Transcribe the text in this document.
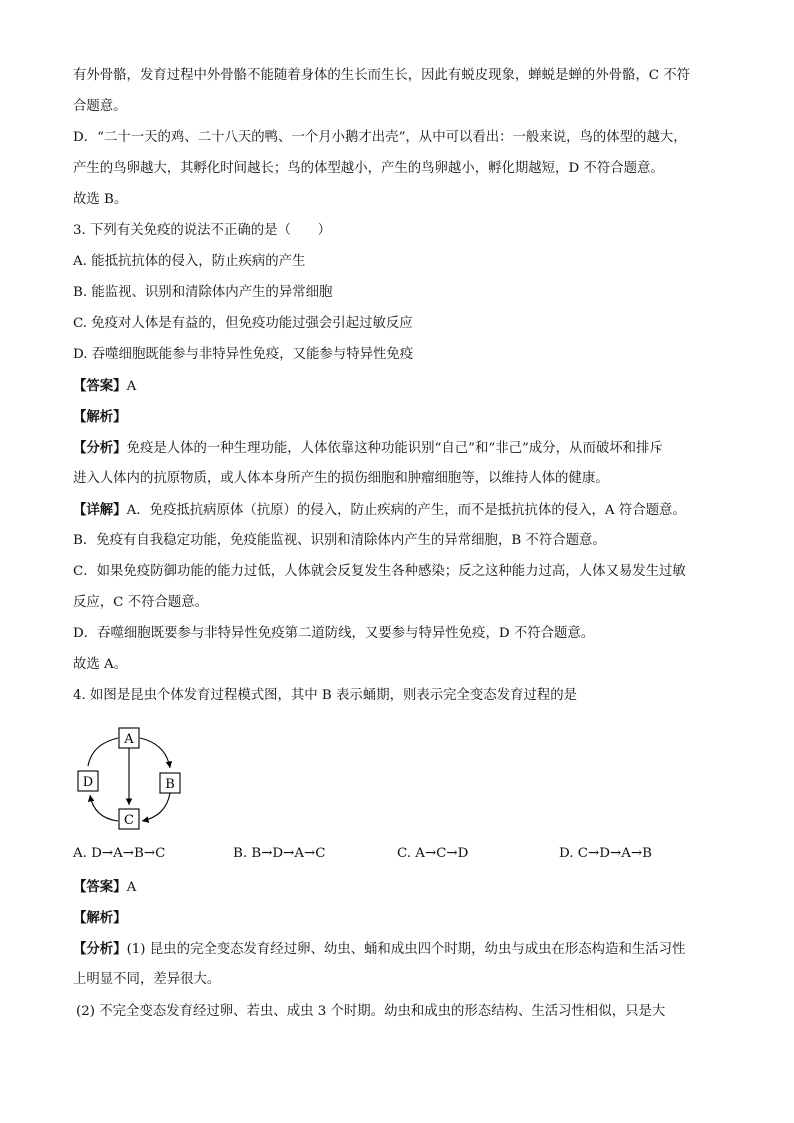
有外骨骼，发育过程中外骨骼不能随着身体的生长而生长，因此有蜕皮现象，蝉蜕是蝉的外骨骼，C 不符
合题意。
D．“二十一天的鸡、二十八天的鸭、一个月小鹅才出壳”，从中可以看出：一般来说，鸟的体型的越大，
产生的鸟卵越大，其孵化时间越长；鸟的体型越小，产生的鸟卵越小，孵化期越短，D 不符合题意。
故选 B。
3. 下列有关免疫的说法不正确的是（　　）
A. 能抵抗抗体的侵入，防止疾病的产生
B. 能监视、识别和清除体内产生的异常细胞
C. 免疫对人体是有益的，但免疫功能过强会引起过敏反应
D. 吞噬细胞既能参与非特异性免疫，又能参与特异性免疫
【答案】A
【解析】
【分析】免疫是人体的一种生理功能，人体依靠这种功能识别“自己”和“非己”成分，从而破坏和排斥
进入人体内的抗原物质，或人体本身所产生的损伤细胞和肿瘤细胞等，以维持人体的健康。
【详解】A．免疫抵抗病原体（抗原）的侵入，防止疾病的产生，而不是抵抗抗体的侵入，A 符合题意。
B．免疫有自我稳定功能，免疫能监视、识别和清除体内产生的异常细胞，B 不符合题意。
C．如果免疫防御功能的能力过低，人体就会反复发生各种感染；反之这种能力过高，人体又易发生过敏
反应，C 不符合题意。
D．吞噬细胞既要参与非特异性免疫第二道防线，又要参与特异性免疫，D 不符合题意。
故选 A。
4. 如图是昆虫个体发育过程模式图，其中 B 表示蛹期，则表示完全变态发育过程的是
A
B
C
D
A. D→A→B→C	B. B→D→A→C	C. A→C→D	D. C→D→A→B
【答案】A
【解析】
【分析】(1) 昆虫的完全变态发育经过卵、幼虫、蛹和成虫四个时期，幼虫与成虫在形态构造和生活习性
上明显不同，差异很大。
(2) 不完全变态发育经过卵、若虫、成虫 3 个时期。幼虫和成虫的形态结构、生活习性相似，只是大
